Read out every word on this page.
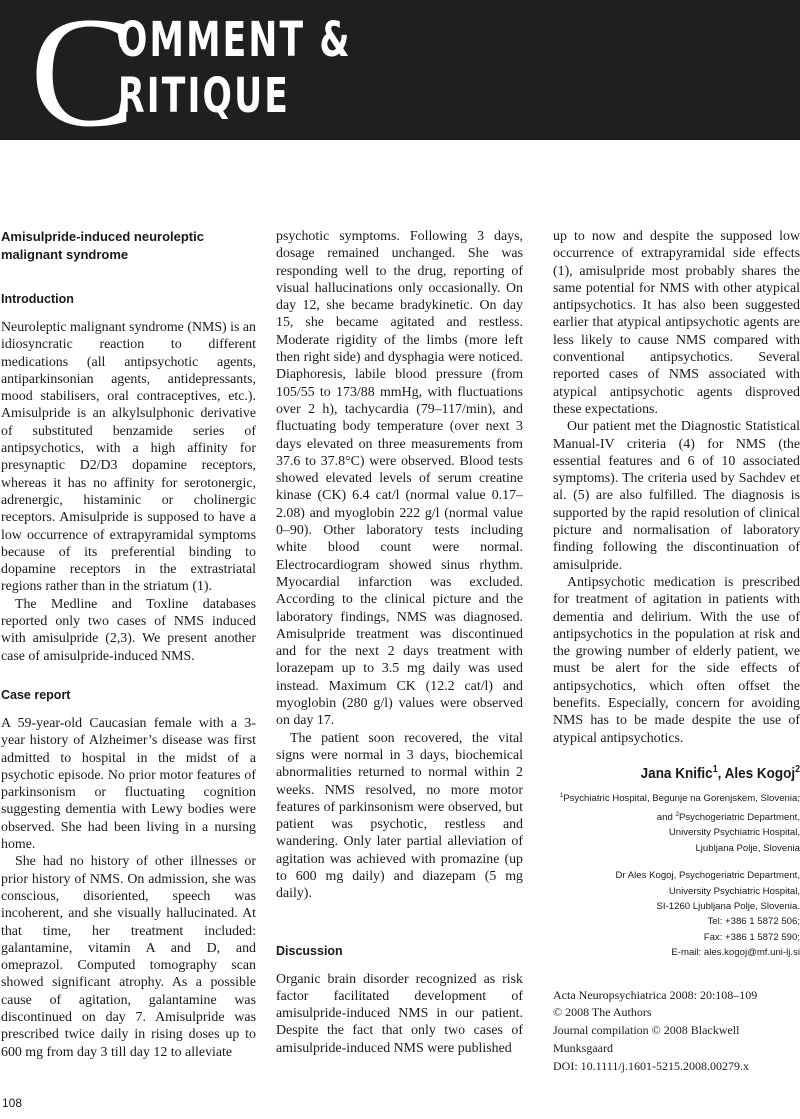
C
OMMENT &
RITIQUE
Amisulpride-induced neuroleptic malignant syndrome
Introduction

Neuroleptic malignant syndrome (NMS) is an idiosyncratic reaction to different medications (all antipsychotic agents, antiparkinsonian agents, antidepressants, mood stabilisers, oral contraceptives, etc.). Amisulpride is an alkylsulphonic derivative of substituted benzamide series of antipsychotics, with a high affinity for presynaptic D2/D3 dopamine receptors, whereas it has no affinity for serotonergic, adrenergic, histaminic or cholinergic receptors. Amisulpride is supposed to have a low occurrence of extrapyramidal symptoms because of its preferential binding to dopamine receptors in the extrastriatal regions rather than in the striatum (1).

The Medline and Toxline databases reported only two cases of NMS induced with amisulpride (2,3). We present another case of amisulpride-induced NMS.

Case report

A 59-year-old Caucasian female with a 3-year history of Alzheimer’s disease was first admitted to hospital in the midst of a psychotic episode. No prior motor features of parkinsonism or fluctuating cognition suggesting dementia with Lewy bodies were observed. She had been living in a nursing home.

She had no history of other illnesses or prior history of NMS. On admission, she was conscious, disoriented, speech was incoherent, and she visually hallucinated. At that time, her treatment included: galantamine, vitamin A and D, and omeprazol. Computed tomography scan showed significant atrophy. As a possible cause of agitation, galantamine was discontinued on day 7. Amisulpride was prescribed twice daily in rising doses up to 600 mg from day 3 till day 12 to alleviate

psychotic symptoms. Following 3 days, dosage remained unchanged. She was responding well to the drug, reporting of visual hallucinations only occasionally. On day 12, she became bradykinetic. On day 15, she became agitated and restless. Moderate rigidity of the limbs (more left then right side) and dysphagia were noticed. Diaphoresis, labile blood pressure (from 105/55 to 173/88 mmHg, with fluctuations over 2 h), tachycardia (79–117/min), and fluctuating body temperature (over next 3 days elevated on three measurements from 37.6 to 37.8°C) were observed. Blood tests showed elevated levels of serum creatine kinase (CK) 6.4 cat/l (normal value 0.17–2.08) and myoglobin 222 g/l (normal value 0–90). Other laboratory tests including white blood count were normal. Electrocardiogram showed sinus rhythm. Myocardial infarction was excluded. According to the clinical picture and the laboratory findings, NMS was diagnosed. Amisulpride treatment was discontinued and for the next 2 days treatment with lorazepam up to 3.5 mg daily was used instead. Maximum CK (12.2 cat/l) and myoglobin (280 g/l) values were observed on day 17.

The patient soon recovered, the vital signs were normal in 3 days, biochemical abnormalities returned to normal within 2 weeks. NMS resolved, no more motor features of parkinsonism were observed, but patient was psychotic, restless and wandering. Only later partial alleviation of agitation was achieved with promazine (up to 600 mg daily) and diazepam (5 mg daily).

Discussion

Organic brain disorder recognized as risk factor facilitated development of amisulpride-induced NMS in our patient. Despite the fact that only two cases of amisulpride-induced NMS were published

up to now and despite the supposed low occurrence of extrapyramidal side effects (1), amisulpride most probably shares the same potential for NMS with other atypical antipsychotics. It has also been suggested earlier that atypical antipsychotic agents are less likely to cause NMS compared with conventional antipsychotics. Several reported cases of NMS associated with atypical antipsychotic agents disproved these expectations.

Our patient met the Diagnostic Statistical Manual-IV criteria (4) for NMS (the essential features and 6 of 10 associated symptoms). The criteria used by Sachdev et al. (5) are also fulfilled. The diagnosis is supported by the rapid resolution of clinical picture and normalisation of laboratory finding following the discontinuation of amisulpride.

Antipsychotic medication is prescribed for treatment of agitation in patients with dementia and delirium. With the use of antipsychotics in the population at risk and the growing number of elderly patient, we must be alert for the side effects of antipsychotics, which often offset the benefits. Especially, concern for avoiding NMS has to be made despite the use of atypical antipsychotics.

Jana Knific$^1$, Ales Kogoj$^2$
$^1$Psychiatric Hospital, Begunje na Gorenjskem, Slovenia;
and $^2$Psychogeriatric Department,
University Psychiatric Hospital,
Ljubljana Polje, Slovenia
Dr Ales Kogoj, Psychogeriatric Department,
University Psychiatric Hospital,
SI-1260 Ljubljana Polje, Slovenia.
Tel: +386 1 5872 506;
Fax: +386 1 5872 590;
E-mail: ales.kogoj@mf.uni-lj.si
Acta Neuropsychiatrica 2008: 20:108–109
© 2008 The Authors
Journal compilation © 2008 Blackwell
Munksgaard
DOI: 10.1111/j.1601-5215.2008.00279.x
108
